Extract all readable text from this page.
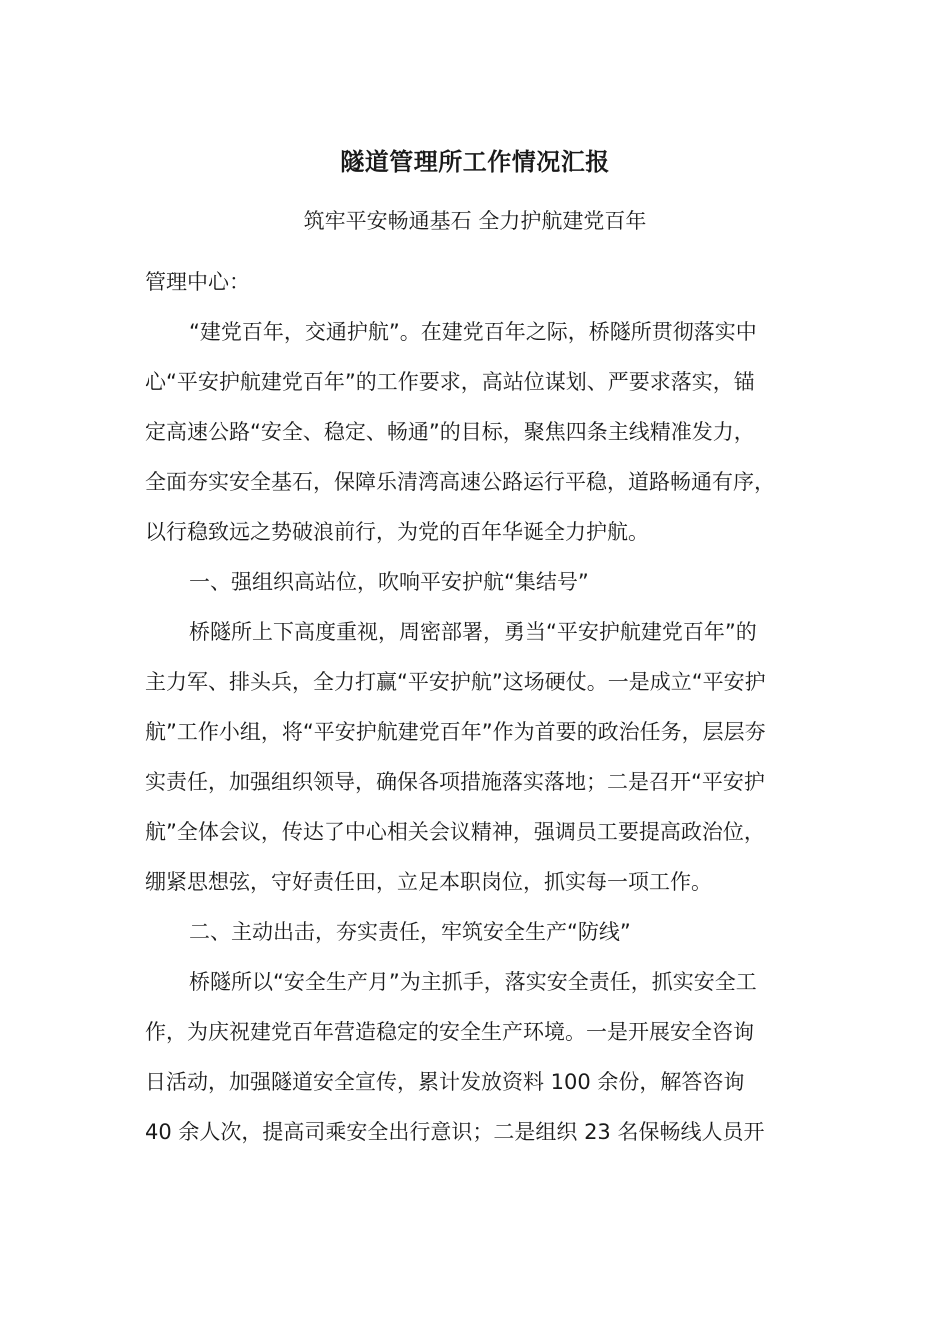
隧道管理所工作情况汇报
筑牢平安畅通基石 全力护航建党百年
管理中心：
“建党百年，交通护航”。在建党百年之际，桥隧所贯彻落实中
心“平安护航建党百年”的工作要求，高站位谋划、严要求落实，锚
定高速公路“安全、稳定、畅通”的目标，聚焦四条主线精准发力，
全面夯实安全基石，保障乐清湾高速公路运行平稳，道路畅通有序，
以行稳致远之势破浪前行，为党的百年华诞全力护航。
一、强组织高站位，吹响平安护航“集结号”
桥隧所上下高度重视，周密部署，勇当“平安护航建党百年”的
主力军、排头兵，全力打赢“平安护航”这场硬仗。一是成立“平安护
航”工作小组，将“平安护航建党百年”作为首要的政治任务，层层夯
实责任，加强组织领导，确保各项措施落实落地；二是召开“平安护
航”全体会议，传达了中心相关会议精神，强调员工要提高政治位，
绷紧思想弦，守好责任田，立足本职岗位，抓实每一项工作。
二、主动出击，夯实责任，牢筑安全生产“防线”
桥隧所以“安全生产月”为主抓手，落实安全责任，抓实安全工
作，为庆祝建党百年营造稳定的安全生产环境。一是开展安全咨询
日活动，加强隧道安全宣传，累计发放资料 100 余份，解答咨询
40 余人次，提高司乘安全出行意识；二是组织 23 名保畅线人员开
